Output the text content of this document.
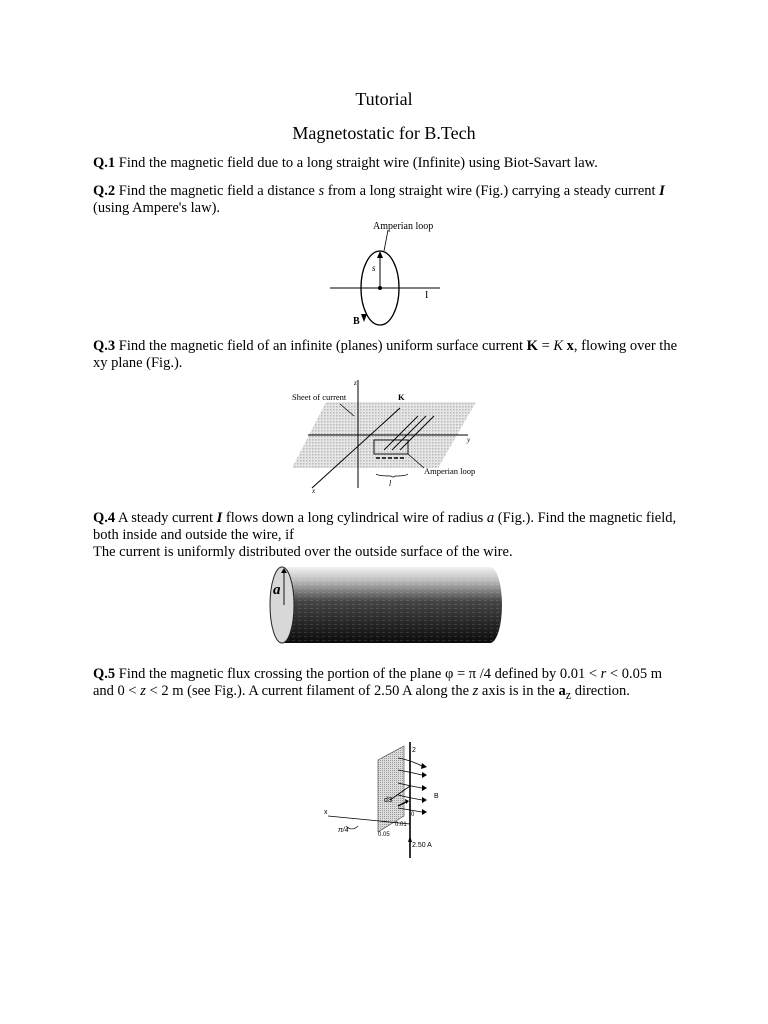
Tutorial
Magnetostatic for B.Tech
Q.1 Find the magnetic field due to a long straight wire (Infinite) using Biot-Savart law.
Q.2 Find the magnetic field a distance s from a long straight wire (Fig.) carrying a steady current I (using Ampere's law).
Amperian loop
s
I
B
Q.3 Find the magnetic field of an infinite (planes) uniform surface current K = K x, flowing over the xy plane (Fig.).
Sheet of current	K
z
y
x
Amperian loop
l
Q.4 A steady current I flows down a long cylindrical wire of radius a (Fig.). Find the magnetic field, both inside and outside the wire, if
The current is uniformly distributed over the outside surface of the wire.
a
Q.5 Find the magnetic flux crossing the portion of the plane φ = π /4 defined by 0.01 < r < 0.05 m and 0 < z < 2 m (see Fig.). A current filament of 2.50 A along the z axis is in the $a_z$ direction.
2
B
dS
0
0.01
0.05
x
π/4
2.50 A
